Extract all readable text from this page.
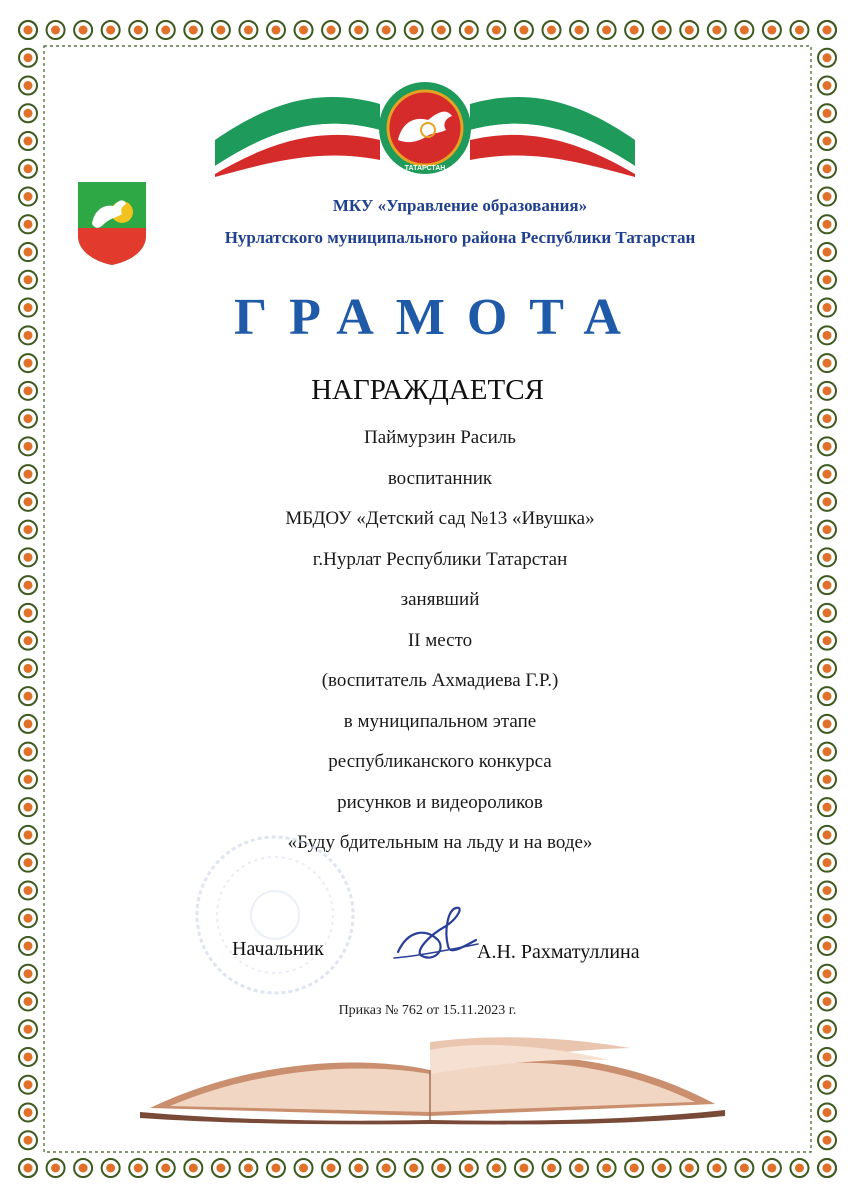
ТАТАРСТАН
МКУ «Управление образования»
Нурлатского муниципального района Республики Татарстан
ГРАМОТА
НАГРАЖДАЕТСЯ
Паймурзин Расиль
воспитанник
МБДОУ «Детский сад №13 «Ивушка»
г.Нурлат Республики Татарстан
занявший
II место
(воспитатель Ахмадиева Г.Р.)
в муниципальном этапе
республиканского конкурса
рисунков и видеороликов
«Буду бдительным на льду и на воде»
Начальник	А.Н. Рахматуллина
Приказ № 762 от 15.11.2023 г.
